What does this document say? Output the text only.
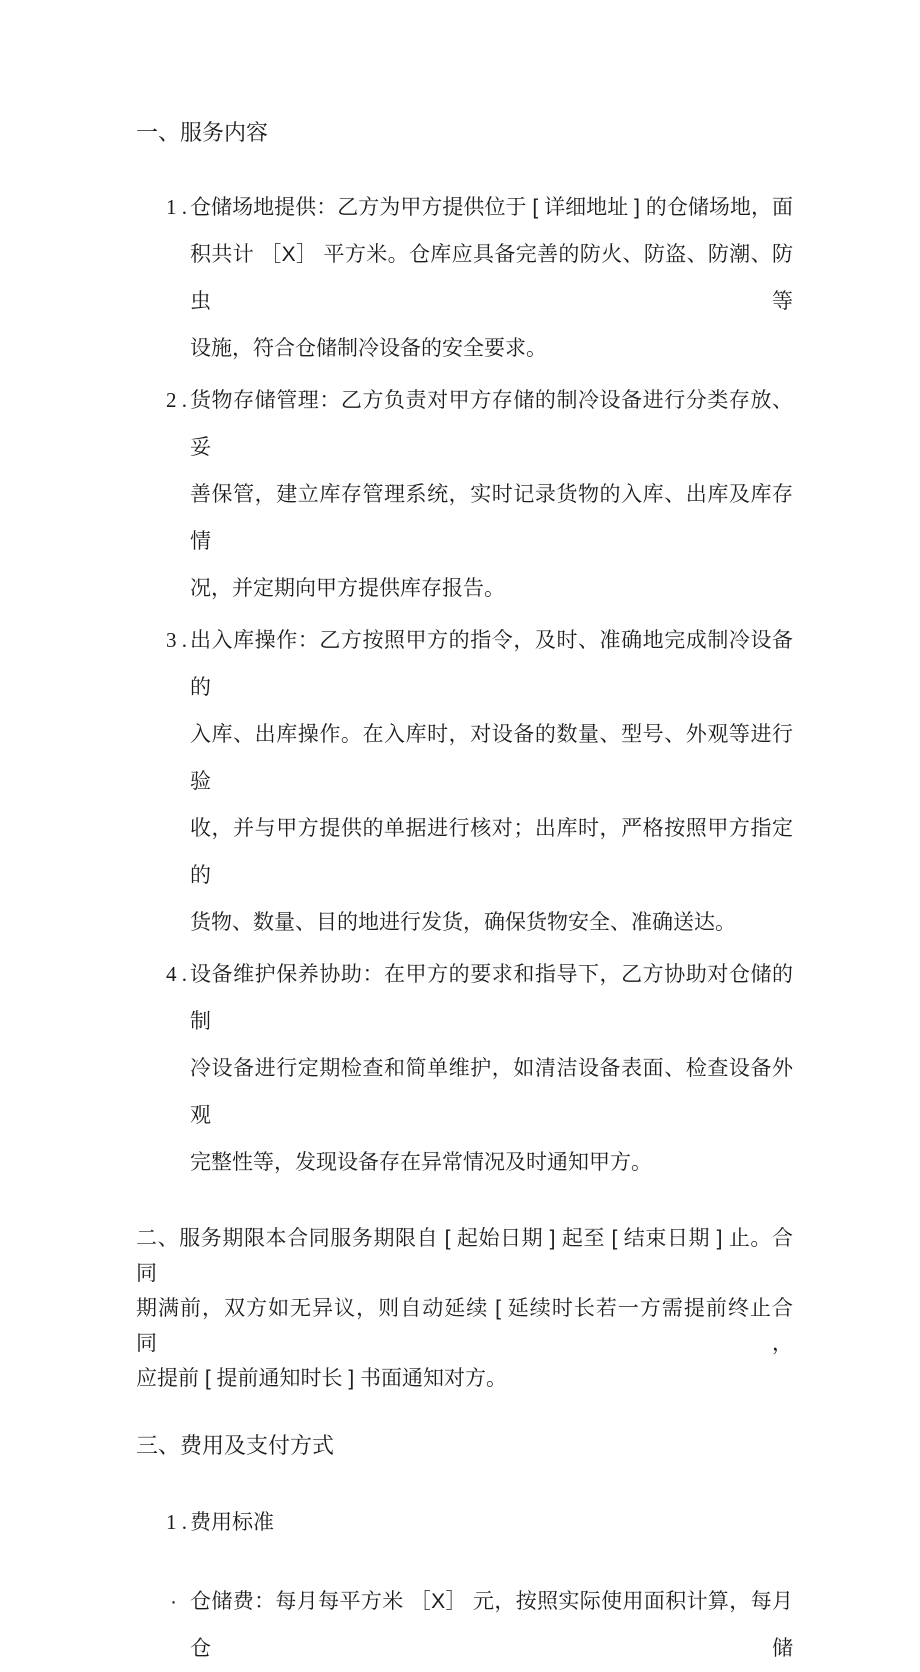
一、服务内容
1 . 仓储场地提供：乙方为甲方提供位于 [ 详细地址 ] 的仓储场地，面
积共计 ［X］ 平方米。仓库应具备完善的防火、防盗、防潮、防虫等
设施，符合仓储制冷设备的安全要求。
2 . 货物存储管理：乙方负责对甲方存储的制冷设备进行分类存放、妥
善保管，建立库存管理系统，实时记录货物的入库、出库及库存情
况，并定期向甲方提供库存报告。
3 . 出入库操作：乙方按照甲方的指令，及时、准确地完成制冷设备的
入库、出库操作。在入库时，对设备的数量、型号、外观等进行验
收，并与甲方提供的单据进行核对；出库时，严格按照甲方指定的
货物、数量、目的地进行发货，确保货物安全、准确送达。
4 . 设备维护保养协助：在甲方的要求和指导下，乙方协助对仓储的制
冷设备进行定期检查和简单维护，如清洁设备表面、检查设备外观
完整性等，发现设备存在异常情况及时通知甲方。
二、服务期限本合同服务期限自 [ 起始日期 ] 起至 [ 结束日期 ] 止。合同
期满前，双方如无异议，则自动延续 [ 延续时长若一方需提前终止合同，
应提前 [ 提前通知时长 ] 书面通知对方。
三、费用及支付方式
1 . 费用标准
· 仓储费：每月每平方米 ［X］ 元，按照实际使用面积计算，每月仓储
